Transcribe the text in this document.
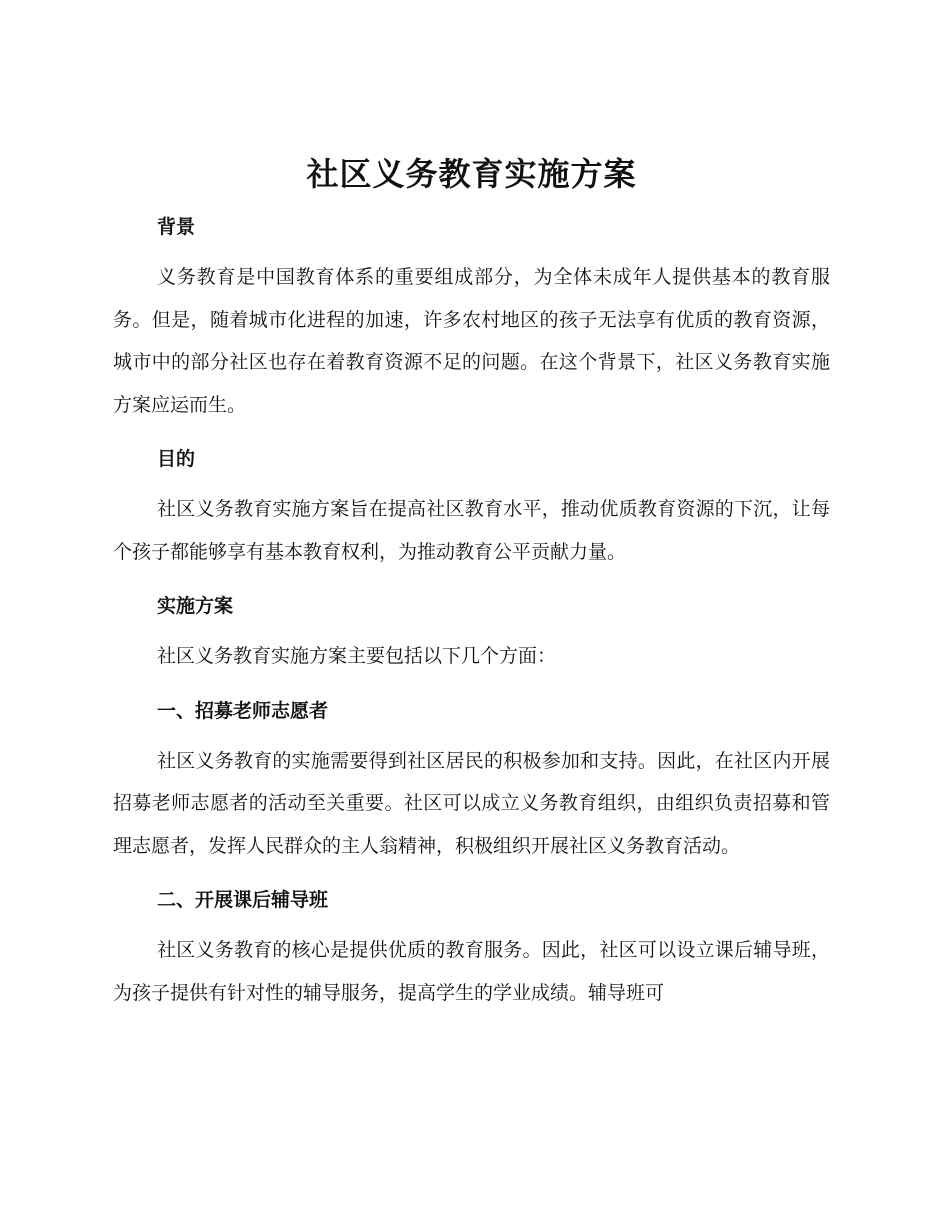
社区义务教育实施方案
背景

义务教育是中国教育体系的重要组成部分，为全体未成年人提供基本的教育服务。但是，随着城市化进程的加速，许多农村地区的孩子无法享有优质的教育资源，城市中的部分社区也存在着教育资源不足的问题。在这个背景下，社区义务教育实施方案应运而生。

目的

社区义务教育实施方案旨在提高社区教育水平，推动优质教育资源的下沉，让每个孩子都能够享有基本教育权利，为推动教育公平贡献力量。

实施方案

社区义务教育实施方案主要包括以下几个方面：

一、招募老师志愿者

社区义务教育的实施需要得到社区居民的积极参加和支持。因此，在社区内开展招募老师志愿者的活动至关重要。社区可以成立义务教育组织，由组织负责招募和管理志愿者，发挥人民群众的主人翁精神，积极组织开展社区义务教育活动。

二、开展课后辅导班

社区义务教育的核心是提供优质的教育服务。因此，社区可以设立课后辅导班，为孩子提供有针对性的辅导服务，提高学生的学业成绩。辅导班可
